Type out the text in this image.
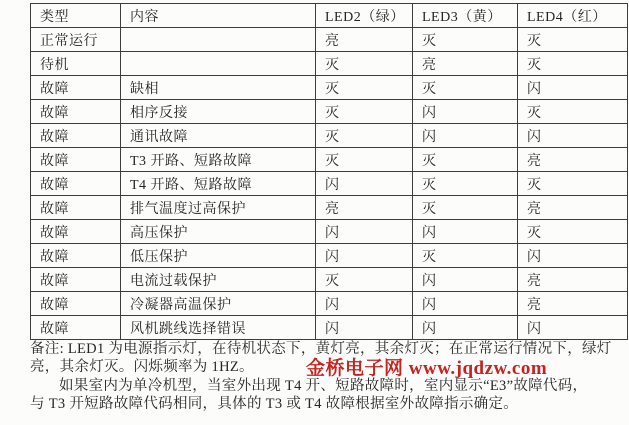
类型	内容	LED2（绿）	LED3（黄）	LED4（红）
正常运行		亮	灭	灭
待机		灭	亮	灭
故障	缺相	灭	灭	闪
故障	相序反接	灭	闪	灭
故障	通讯故障	灭	闪	闪
故障	T3 开路、短路故障	灭	灭	亮
故障	T4 开路、短路故障	闪	灭	灭
故障	排气温度过高保护	亮	灭	亮
故障	高压保护	闪	闪	灭
故障	低压保护	闪	灭	闪
故障	电流过载保护	灭	闪	亮
故障	冷凝器高温保护	闪	闪	亮
故障	风机跳线选择错误	闪	闪	闪
备注: LED1 为电源指示灯，在待机状态下，黄灯亮，其余灯灭；在正常运行情况下，绿灯
亮，其余灯灭。闪烁频率为 1HZ。
如果室内为单冷机型，当室外出现 T4 开、短路故障时，室内显示“E3”故障代码，
与 T3 开短路故障代码相同，具体的 T3 或 T4 故障根据室外故障指示确定。
金桥电子网 www.jqdzw.com
